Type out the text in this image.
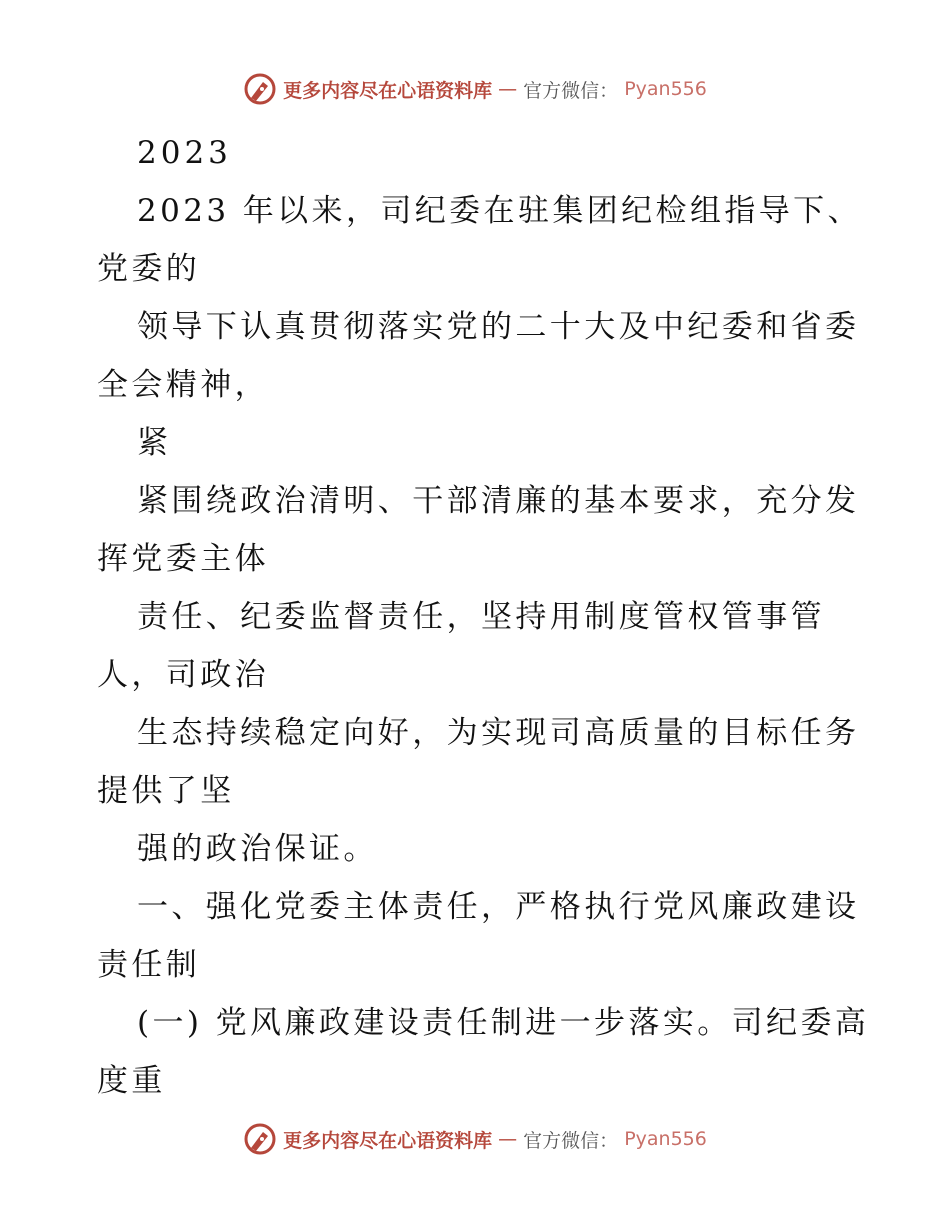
更多内容尽在心语资料库 — 官方微信： Pyan556
2023
2023 年以来，司纪委在驻集团纪检组指导下、
党委的
领导下认真贯彻落实党的二十大及中纪委和省委
全会精神，
紧
紧围绕政治清明、干部清廉的基本要求，充分发
挥党委主体
责任、纪委监督责任，坚持用制度管权管事管
人，司政治
生态持续稳定向好，为实现司高质量的目标任务
提供了坚
强的政治保证。
一、强化党委主体责任，严格执行党风廉政建设
责任制
(一) 党风廉政建设责任制进一步落实。司纪委高
度重
更多内容尽在心语资料库 — 官方微信： Pyan556
